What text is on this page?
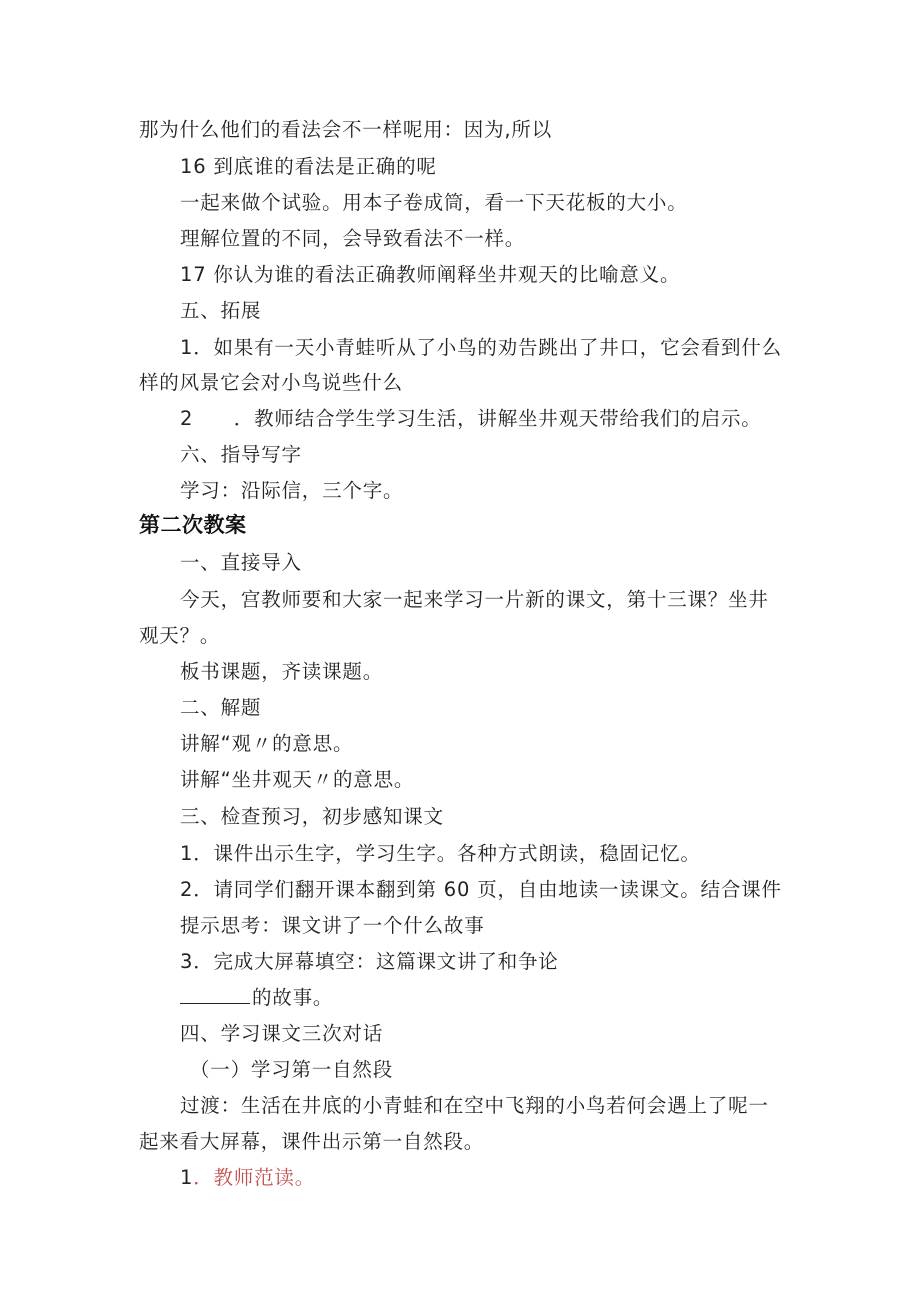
那为什么他们的看法会不一样呢用：因为,所以
16 到底谁的看法是正确的呢
一起来做个试验。用本子卷成筒，看一下天花板的大小。
理解位置的不同，会导致看法不一样。
17 你认为谁的看法正确教师阐释坐井观天的比喻意义。
五、拓展
1．如果有一天小青蛙听从了小鸟的劝告跳出了井口，它会看到什么
样的风景它会对小鸟说些什么
2　　．教师结合学生学习生活，讲解坐井观天带给我们的启示。
六、指导写字
学习：沿际信，三个字。
第二次教案
一、直接导入
今天，宫教师要和大家一起来学习一片新的课文，第十三课？坐井
观天？。
板书课题，齐读课题。
二、解题
讲解“观〃的意思。
讲解“坐井观天〃的意思。
三、检查预习，初步感知课文
1．课件出示生字，学习生字。各种方式朗读，稳固记忆。
2．请同学们翻开课本翻到第 60 页，自由地读一读课文。结合课件
提示思考：课文讲了一个什么故事
3．完成大屏幕填空：这篇课文讲了和争论
的故事。
四、学习课文三次对话
（一）学习第一自然段
过渡：生活在井底的小青蛙和在空中飞翔的小鸟若何会遇上了呢一
起来看大屏幕，课件出示第一自然段。
1．教师范读。
